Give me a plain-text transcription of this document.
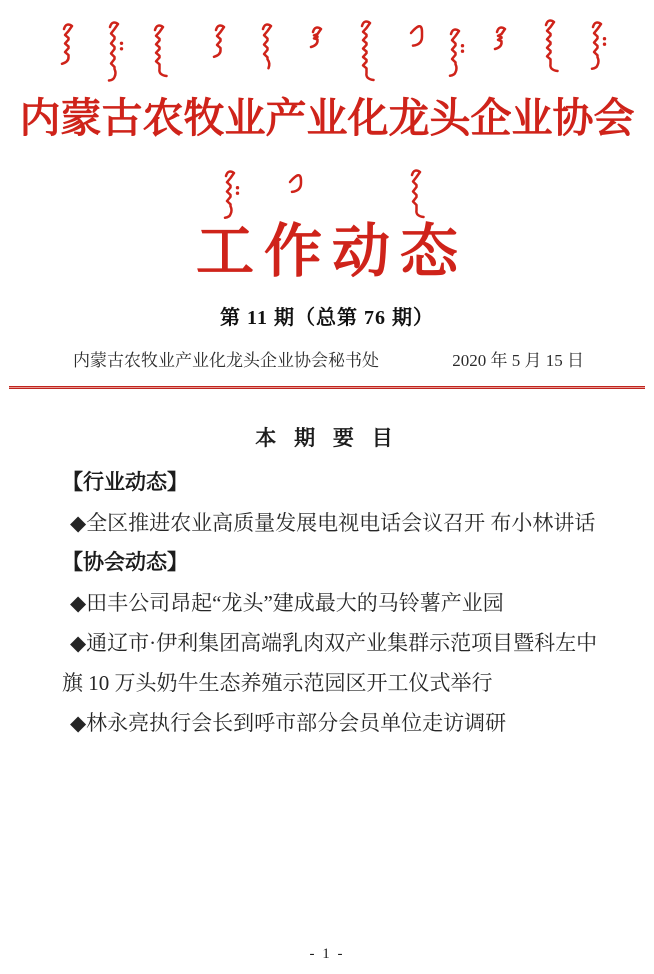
内蒙古农牧业产业化龙头企业协会
工作动态
第 11 期（总第 76 期）
内蒙古农牧业产业化龙头企业协会秘书处	2020 年 5 月 15 日
本 期 要 目
【行业动态】
◆全区推进农业高质量发展电视电话会议召开 布小林讲话
【协会动态】
◆田丰公司昂起“龙头”建成最大的马铃薯产业园
◆通辽市·伊利集团高端乳肉双产业集群示范项目暨科左中旗 10 万头奶牛生态养殖示范园区开工仪式举行
◆林永亮执行会长到呼市部分会员单位走访调研
- 1 -
